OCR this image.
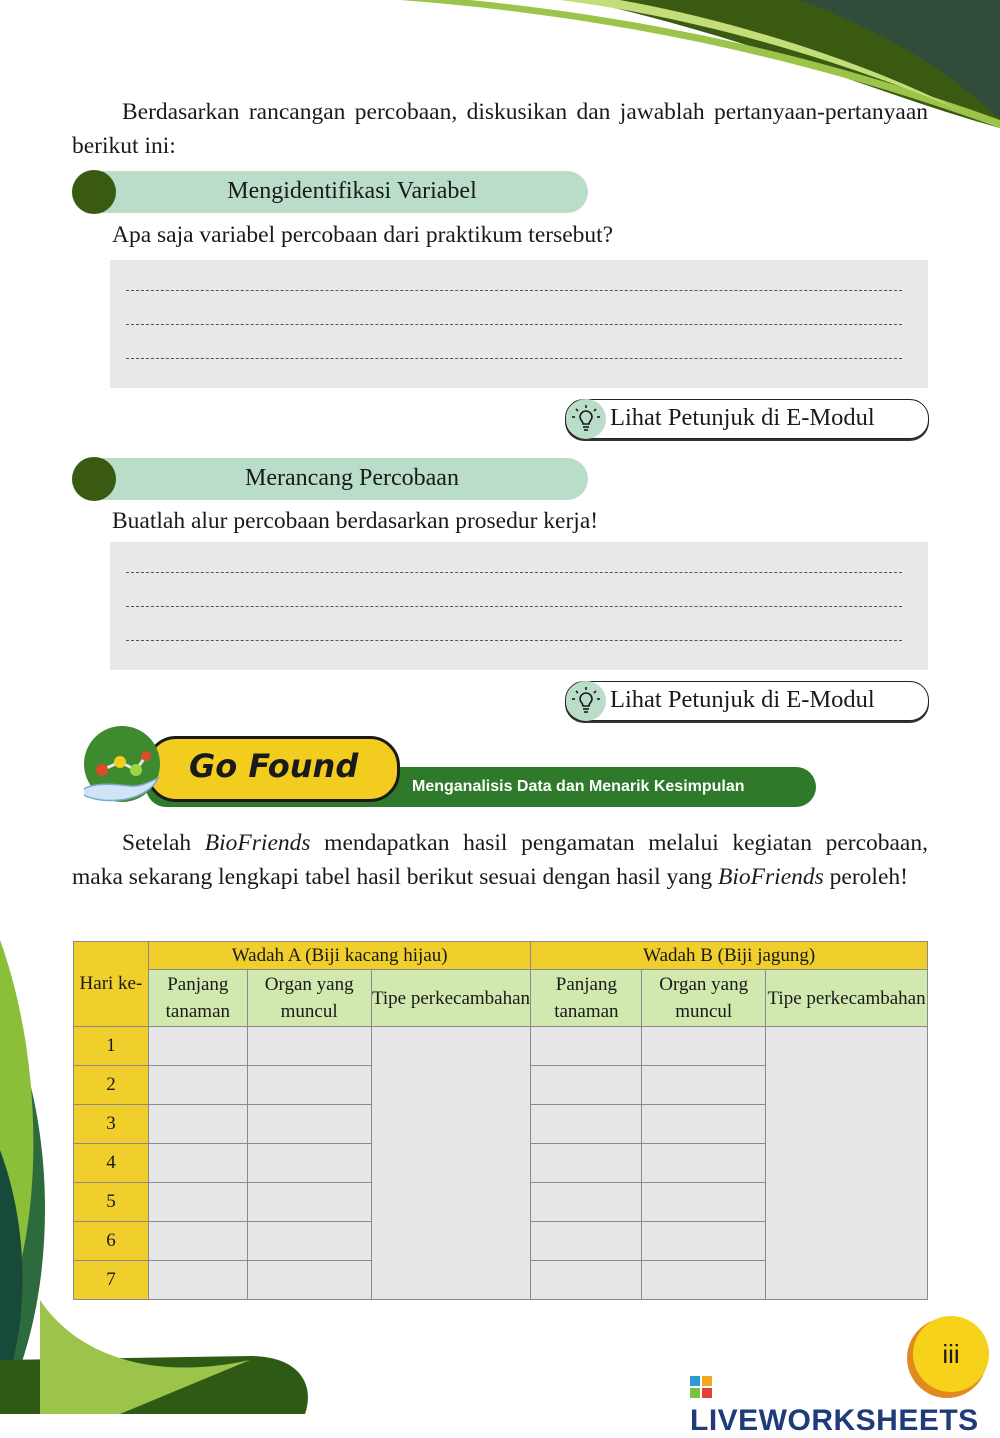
Berdasarkan rancangan percobaan, diskusikan dan jawablah pertanyaan-pertanyaan berikut ini:
Mengidentifikasi Variabel
Apa saja variabel percobaan dari praktikum tersebut?
Lihat Petunjuk di E-Modul
Merancang Percobaan
Buatlah alur percobaan berdasarkan prosedur kerja!
Lihat Petunjuk di E-Modul
Menganalisis Data dan Menarik Kesimpulan
Go Found
Setelah BioFriends mendapatkan hasil pengamatan melalui kegiatan percobaan, maka sekarang lengkapi tabel hasil berikut sesuai dengan hasil yang BioFriends peroleh!
Hari ke-	Wadah A (Biji kacang hijau)			Wadah B (Biji jagung)		
	Panjang tanaman	Organ yang muncul	Tipe perkecambahan	Panjang tanaman	Organ yang muncul	Tipe perkecambahan
1						
2						
3						
4						
5						
6						
7						
iii
LIVEWORKSHEETS
